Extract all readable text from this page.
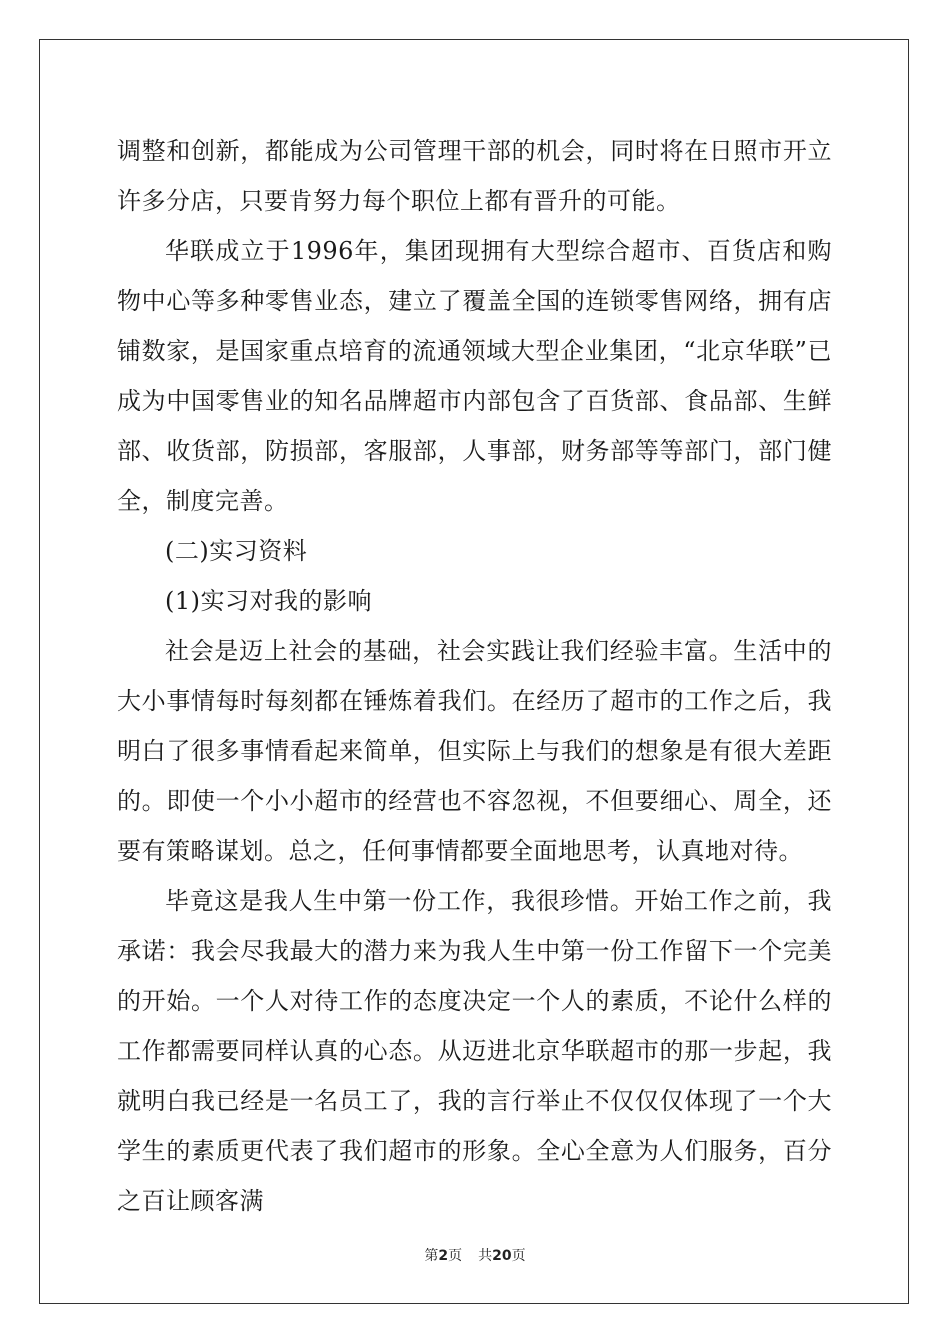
调整和创新，都能成为公司管理干部的机会，同时将在日照市开立许多分店，只要肯努力每个职位上都有晋升的可能。

华联成立于1996年，集团现拥有大型综合超市、百货店和购物中心等多种零售业态，建立了覆盖全国的连锁零售网络，拥有店铺数家，是国家重点培育的流通领域大型企业集团，“北京华联”已成为中国零售业的知名品牌超市内部包含了百货部、食品部、生鲜部、收货部，防损部，客服部，人事部，财务部等等部门，部门健全，制度完善。

(二)实习资料

(1)实习对我的影响

社会是迈上社会的基础，社会实践让我们经验丰富。生活中的大小事情每时每刻都在锤炼着我们。在经历了超市的工作之后，我明白了很多事情看起来简单，但实际上与我们的想象是有很大差距的。即使一个小小超市的经营也不容忽视，不但要细心、周全，还要有策略谋划。总之，任何事情都要全面地思考，认真地对待。

毕竟这是我人生中第一份工作，我很珍惜。开始工作之前，我承诺：我会尽我最大的潜力来为我人生中第一份工作留下一个完美的开始。一个人对待工作的态度决定一个人的素质，不论什么样的工作都需要同样认真的心态。从迈进北京华联超市的那一步起，我就明白我已经是一名员工了，我的言行举止不仅仅仅体现了一个大学生的素质更代表了我们超市的形象。全心全意为人们服务，百分之百让顾客满

第2页 共20页
